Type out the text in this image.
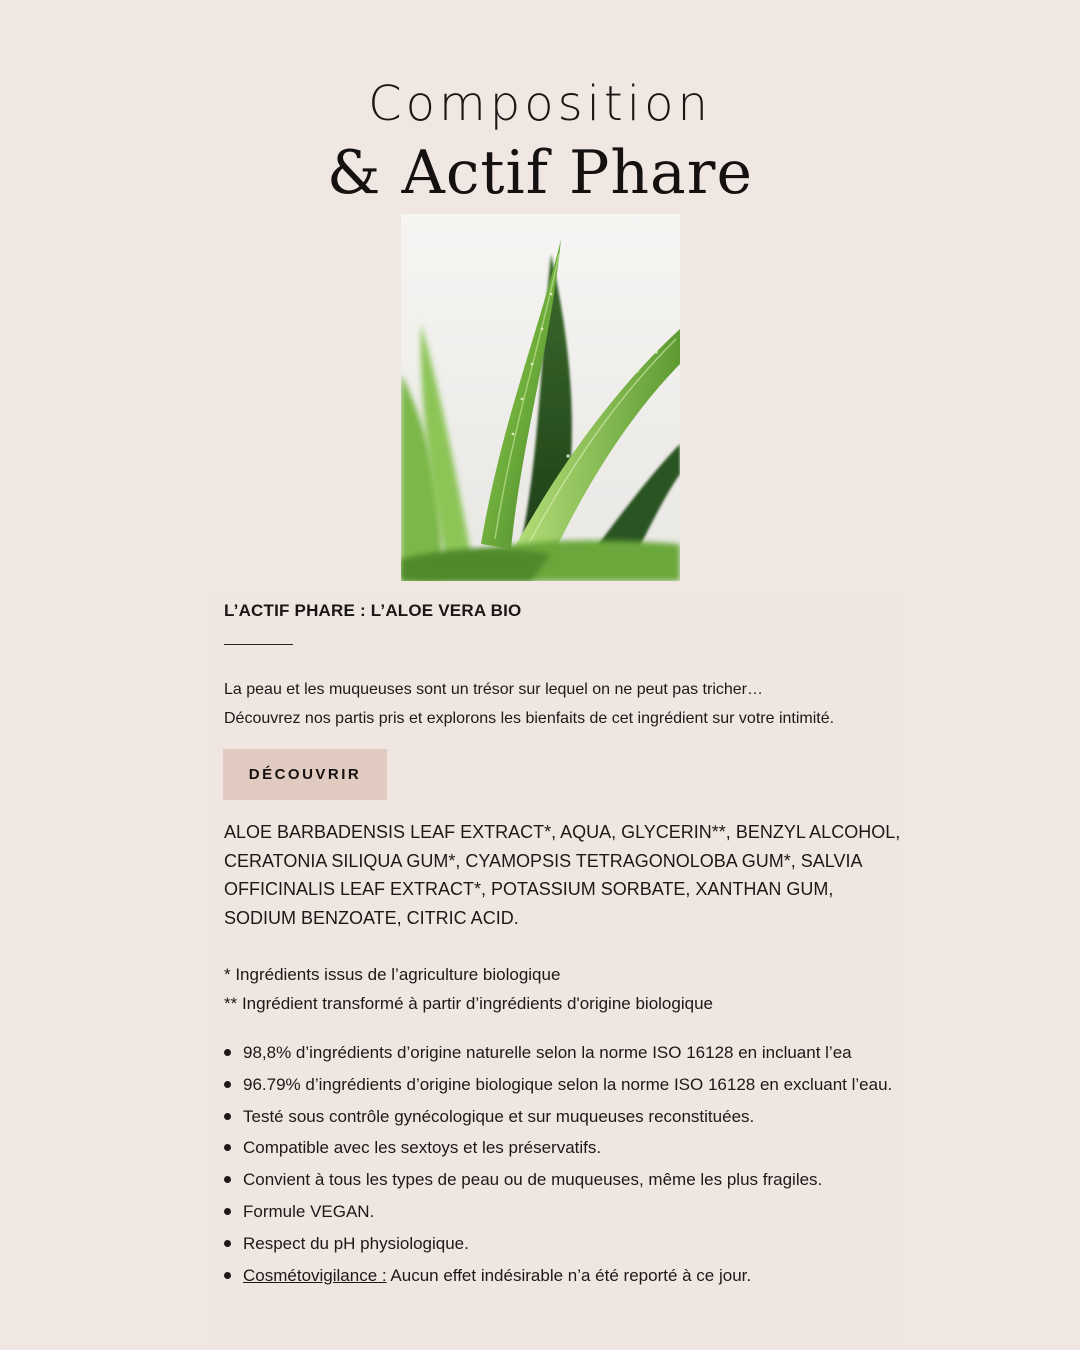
Composition
& Actif Phare
L’ACTIF PHARE : L’ALOE VERA BIO

La peau et les muqueuses sont un trésor sur lequel on ne peut pas tricher…

Découvrez nos partis pris et explorons les bienfaits de cet ingrédient sur votre intimité.

DÉCOUVRIR
ALOE BARBADENSIS LEAF EXTRACT*, AQUA, GLYCERIN**, BENZYL ALCOHOL, CERATONIA SILIQUA GUM*, CYAMOPSIS TETRAGONOLOBA GUM*, SALVIA OFFICINALIS LEAF EXTRACT*, POTASSIUM SORBATE, XANTHAN GUM, SODIUM BENZOATE, CITRIC ACID.

* Ingrédients issus de l’agriculture biologique

** Ingrédient transformé à partir d’ingrédients d'origine biologique

98,8% d’ingrédients d’origine naturelle selon la norme ISO 16128 en incluant l’ea
96.79% d’ingrédients d’origine biologique selon la norme ISO 16128 en excluant l’eau.
Testé sous contrôle gynécologique et sur muqueuses reconstituées.
Compatible avec les sextoys et les préservatifs.
Convient à tous les types de peau ou de muqueuses, même les plus fragiles.
Formule VEGAN.
Respect du pH physiologique.
Cosmétovigilance : Aucun effet indésirable n’a été reporté à ce jour.
